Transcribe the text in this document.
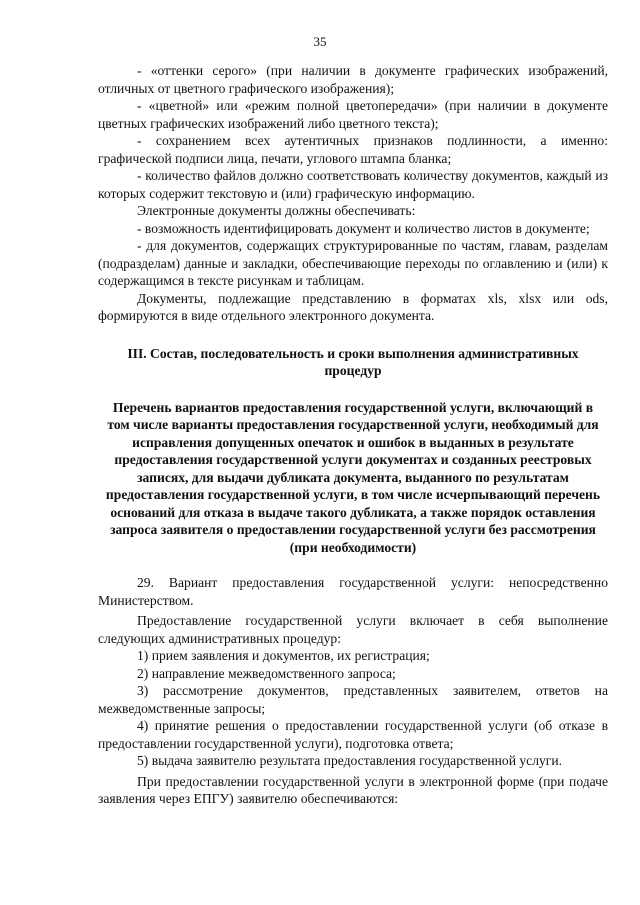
35

- «оттенки серого» (при наличии в документе графических изображений, отличных от цветного графического изображения);

- «цветной» или «режим полной цветопередачи» (при наличии в документе цветных графических изображений либо цветного текста);

- сохранением всех аутентичных признаков подлинности, а именно: графической подписи лица, печати, углового штампа бланка;

- количество файлов должно соответствовать количеству документов, каждый из которых содержит текстовую и (или) графическую информацию.

Электронные документы должны обеспечивать:

- возможность идентифицировать документ и количество листов в документе;

- для документов, содержащих структурированные по частям, главам, разделам (подразделам) данные и закладки, обеспечивающие переходы по оглавлению и (или) к содержащимся в тексте рисункам и таблицам.

Документы, подлежащие представлению в форматах xls, xlsx или ods, формируются в виде отдельного электронного документа.

III. Состав, последовательность и сроки выполнения административных процедур
Перечень вариантов предоставления государственной услуги, включающий в том числе варианты предоставления государственной услуги, необходимый для исправления допущенных опечаток и ошибок в выданных в результате предоставления государственной услуги документах и созданных реестровых записях, для выдачи дубликата документа, выданного по результатам предоставления государственной услуги, в том числе исчерпывающий перечень оснований для отказа в выдаче такого дубликата, а также порядок оставления запроса заявителя о предоставлении государственной услуги без рассмотрения (при необходимости)

29. Вариант предоставления государственной услуги: непосредственно Министерством.

Предоставление государственной услуги включает в себя выполнение следующих административных процедур:

1) прием заявления и документов, их регистрация;

2) направление межведомственного запроса;

3) рассмотрение документов, представленных заявителем, ответов на межведомственные запросы;

4) принятие решения о предоставлении государственной услуги (об отказе в предоставлении государственной услуги), подготовка ответа;

5) выдача заявителю результата предоставления государственной услуги.

При предоставлении государственной услуги в электронной форме (при подаче заявления через ЕПГУ) заявителю обеспечиваются:
